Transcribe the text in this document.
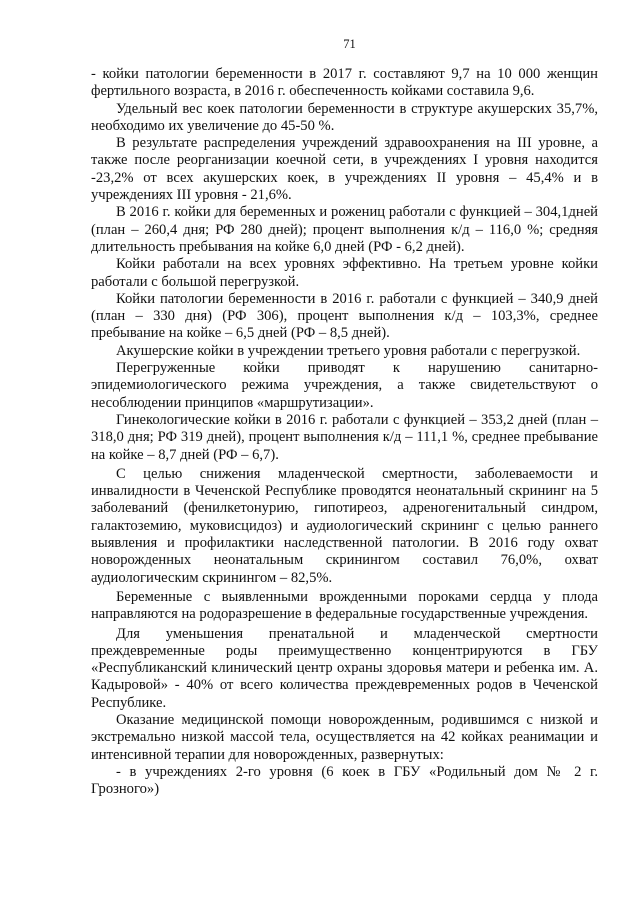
71

- койки патологии беременности в 2017 г. составляют 9,7 на 10 000 женщин фертильного возраста, в 2016 г. обеспеченность койками составила 9,6.

Удельный вес коек патологии беременности в структуре акушерских 35,7%, необходимо их увеличение до 45-50 %.

В результате распределения учреждений здравоохранения на III уровне, а также после реорганизации коечной сети, в учреждениях I уровня находится -23,2% от всех акушерских коек, в учреждениях II уровня – 45,4% и в учреждениях III уровня - 21,6%.

В 2016 г. койки для беременных и рожениц работали с функцией – 304,1дней (план – 260,4 дня; РФ 280 дней); процент выполнения к/д – 116,0 %; средняя длительность пребывания на койке 6,0 дней (РФ - 6,2 дней).

Койки работали на всех уровнях эффективно. На третьем уровне койки работали с большой перегрузкой.

Койки патологии беременности в 2016 г. работали с функцией – 340,9 дней (план – 330 дня) (РФ 306), процент выполнения к/д – 103,3%, среднее пребывание на койке – 6,5 дней (РФ – 8,5 дней).

Акушерские койки в учреждении третьего уровня работали с перегрузкой.

Перегруженные койки приводят к нарушению санитарно-эпидемиологического режима учреждения, а также свидетельствуют о несоблюдении принципов «маршрутизации».

Гинекологические койки в 2016 г. работали с функцией – 353,2 дней (план – 318,0 дня; РФ 319 дней), процент выполнения к/д – 111,1 %, среднее пребывание на койке – 8,7 дней (РФ – 6,7).

С целью снижения младенческой смертности, заболеваемости и инвалидности в Чеченской Республике проводятся неонатальный скрининг на 5 заболеваний (фенилкетонурию, гипотиреоз, адреногенитальный синдром, галактоземию, муковисцидоз) и аудиологический скрининг с целью раннего выявления и профилактики наследственной патологии. В 2016 году охват новорожденных неонатальным скринингом составил 76,0%, охват аудиологическим скринингом – 82,5%.

Беременные с выявленными врожденными пороками сердца у плода направляются на родоразрешение в федеральные государственные учреждения.

Для уменьшения пренатальной и младенческой смертности преждевременные роды преимущественно концентрируются в ГБУ «Республиканский клинический центр охраны здоровья матери и ребенка им. А. Кадыровой» - 40% от всего количества преждевременных родов в Чеченской Республике.

Оказание медицинской помощи новорожденным, родившимся с низкой и экстремально низкой массой тела, осуществляется на 42 койках реанимации и интенсивной терапии для новорожденных, развернутых:

- в учреждениях 2-го уровня (6 коек в ГБУ «Родильный дом № 2 г. Грозного»)
